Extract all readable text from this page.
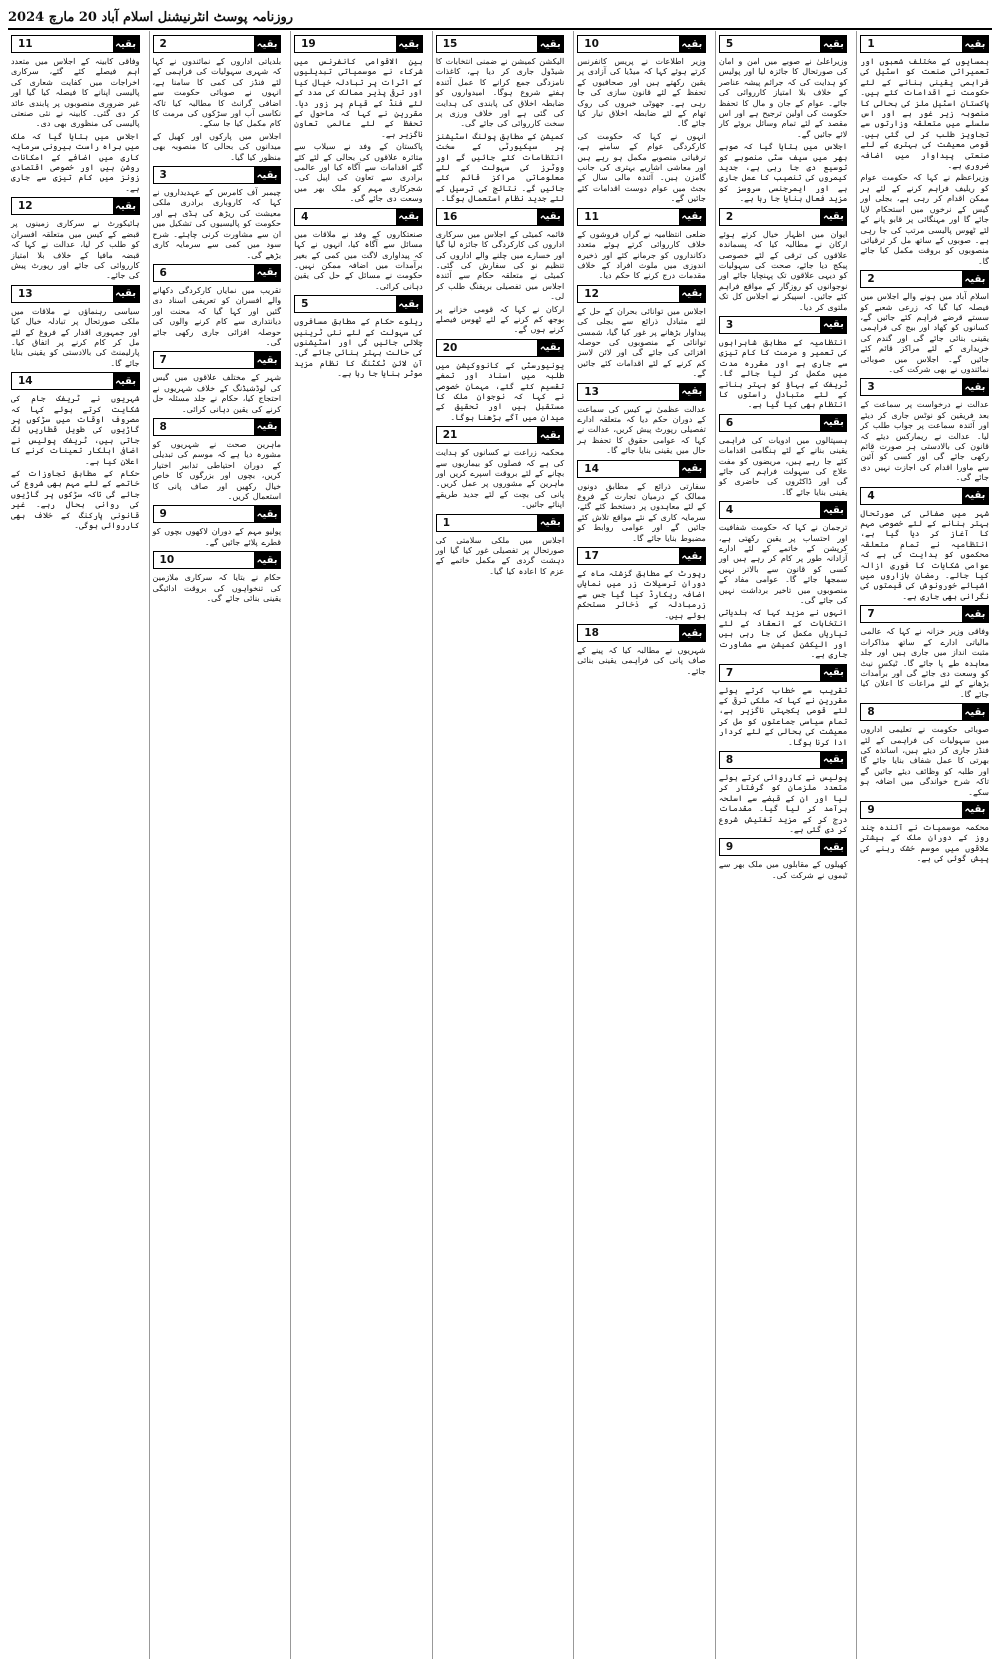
روزنامہ پوسٹ انٹرنیشنل اسلام آباد 20 مارچ 2024
بقیہ
1

ہمسایوں کے مختلف شعبوں اور تعمیراتی صنعت کو اسٹیل کی فراہمی یقینی بنانے کے لئے حکومت نے اقدامات کئے ہیں۔ پاکستان اسٹیل ملز کی بحالی کا منصوبہ زیر غور ہے اور اس سلسلے میں متعلقہ وزارتوں سے تجاویز طلب کر لی گئی ہیں۔ قومی معیشت کی بہتری کے لئے صنعتی پیداوار میں اضافہ ضروری ہے۔

وزیراعظم نے کہا کہ حکومت عوام کو ریلیف فراہم کرنے کے لئے ہر ممکن اقدام کر رہی ہے، بجلی اور گیس کے نرخوں میں استحکام لایا جائے گا اور مہنگائی پر قابو پانے کے لئے ٹھوس پالیسی مرتب کی جا رہی ہے۔ صوبوں کے ساتھ مل کر ترقیاتی منصوبوں کو بروقت مکمل کیا جائے گا۔

بقیہ
2

اسلام آباد میں ہونے والے اجلاس میں فیصلہ کیا گیا کہ زرعی شعبے کو سستے قرضے فراہم کئے جائیں گے، کسانوں کو کھاد اور بیج کی فراہمی یقینی بنائی جائے گی اور گندم کی خریداری کے لئے مراکز قائم کئے جائیں گے۔ اجلاس میں صوبائی نمائندوں نے بھی شرکت کی۔

بقیہ
3

عدالت نے درخواست پر سماعت کے بعد فریقین کو نوٹس جاری کر دیئے اور آئندہ سماعت پر جواب طلب کر لیا۔ عدالت نے ریمارکس دیئے کہ قانون کی بالادستی ہر صورت قائم رکھی جائے گی اور کسی کو آئین سے ماورا اقدام کی اجازت نہیں دی جائے گی۔

بقیہ
4

شہر میں صفائی کی صورتحال بہتر بنانے کے لئے خصوصی مہم کا آغاز کر دیا گیا ہے، انتظامیہ نے تمام متعلقہ محکموں کو ہدایت کی ہے کہ عوامی شکایات کا فوری ازالہ کیا جائے۔ رمضان بازاروں میں اشیائے خورونوش کی قیمتوں کی نگرانی بھی جاری ہے۔

بقیہ
7

وفاقی وزیر خزانہ نے کہا کہ عالمی مالیاتی ادارے کے ساتھ مذاکرات مثبت انداز میں جاری ہیں اور جلد معاہدہ طے پا جائے گا۔ ٹیکس نیٹ کو وسعت دی جائے گی اور برآمدات بڑھانے کے لئے مراعات کا اعلان کیا جائے گا۔

بقیہ
8

صوبائی حکومت نے تعلیمی اداروں میں سہولیات کی فراہمی کے لئے فنڈز جاری کر دیئے ہیں، اساتذہ کی بھرتی کا عمل شفاف بنایا جائے گا اور طلبہ کو وظائف دیئے جائیں گے تاکہ شرح خواندگی میں اضافہ ہو سکے۔

بقیہ
9

محکمہ موسمیات نے آئندہ چند روز کے دوران ملک کے بیشتر علاقوں میں موسم خشک رہنے کی پیش گوئی کی ہے۔

بقیہ
5

وزیراعلیٰ نے صوبے میں امن و امان کی صورتحال کا جائزہ لیا اور پولیس کو ہدایت کی کہ جرائم پیشہ عناصر کے خلاف بلا امتیاز کارروائی کی جائے۔ عوام کے جان و مال کا تحفظ حکومت کی اولین ترجیح ہے اور اس مقصد کے لئے تمام وسائل بروئے کار لائے جائیں گے۔

اجلاس میں بتایا گیا کہ صوبے بھر میں سیف سٹی منصوبے کو توسیع دی جا رہی ہے، جدید کیمروں کی تنصیب کا عمل جاری ہے اور ایمرجنسی سروسز کو مزید فعال بنایا جا رہا ہے۔

بقیہ
2

ایوان میں اظہار خیال کرتے ہوئے ارکان نے مطالبہ کیا کہ پسماندہ علاقوں کی ترقی کے لئے خصوصی پیکج دیا جائے، صحت کی سہولیات کو دیہی علاقوں تک پہنچایا جائے اور نوجوانوں کو روزگار کے مواقع فراہم کئے جائیں۔ اسپیکر نے اجلاس کل تک ملتوی کر دیا۔

بقیہ
3

انتظامیہ کے مطابق شاہراہوں کی تعمیر و مرمت کا کام تیزی سے جاری ہے اور مقررہ مدت میں مکمل کر لیا جائے گا۔ ٹریفک کے بہاؤ کو بہتر بنانے کے لئے متبادل راستوں کا انتظام بھی کیا گیا ہے۔

بقیہ
6

ہسپتالوں میں ادویات کی فراہمی یقینی بنانے کے لئے ہنگامی اقدامات کئے جا رہے ہیں، مریضوں کو مفت علاج کی سہولت فراہم کی جائے گی اور ڈاکٹروں کی حاضری کو یقینی بنایا جائے گا۔

بقیہ
4

ترجمان نے کہا کہ حکومت شفافیت اور احتساب پر یقین رکھتی ہے، کرپشن کے خاتمے کے لئے ادارے آزادانہ طور پر کام کر رہے ہیں اور کسی کو قانون سے بالاتر نہیں سمجھا جائے گا۔ عوامی مفاد کے منصوبوں میں تاخیر برداشت نہیں کی جائے گی۔

انہوں نے مزید کہا کہ بلدیاتی انتخابات کے انعقاد کے لئے تیاریاں مکمل کی جا رہی ہیں اور الیکشن کمیشن سے مشاورت جاری ہے۔

بقیہ
7

تقریب سے خطاب کرتے ہوئے مقررین نے کہا کہ ملکی ترقی کے لئے قومی یکجہتی ناگزیر ہے، تمام سیاسی جماعتوں کو مل کر معیشت کی بحالی کے لئے کردار ادا کرنا ہوگا۔

بقیہ
8

پولیس نے کارروائی کرتے ہوئے متعدد ملزمان کو گرفتار کر لیا اور ان کے قبضے سے اسلحہ برآمد کر لیا گیا۔ مقدمات درج کر کے مزید تفتیش شروع کر دی گئی ہے۔

بقیہ
9

کھیلوں کے مقابلوں میں ملک بھر سے ٹیموں نے شرکت کی۔

بقیہ
10

وزیر اطلاعات نے پریس کانفرنس کرتے ہوئے کہا کہ میڈیا کی آزادی پر یقین رکھتے ہیں اور صحافیوں کے تحفظ کے لئے قانون سازی کی جا رہی ہے۔ جھوٹی خبروں کی روک تھام کے لئے ضابطہ اخلاق تیار کیا جائے گا۔

انہوں نے کہا کہ حکومت کی کارکردگی عوام کے سامنے ہے، ترقیاتی منصوبے مکمل ہو رہے ہیں اور معاشی اشاریے بہتری کی جانب گامزن ہیں۔ آئندہ مالی سال کے بجٹ میں عوام دوست اقدامات کئے جائیں گے۔

بقیہ
11

ضلعی انتظامیہ نے گراں فروشوں کے خلاف کارروائی کرتے ہوئے متعدد دکانداروں کو جرمانے کئے اور ذخیرہ اندوزی میں ملوث افراد کے خلاف مقدمات درج کرنے کا حکم دیا۔

بقیہ
12

اجلاس میں توانائی بحران کے حل کے لئے متبادل ذرائع سے بجلی کی پیداوار بڑھانے پر غور کیا گیا، شمسی توانائی کے منصوبوں کی حوصلہ افزائی کی جائے گی اور لائن لاسز کم کرنے کے لئے اقدامات کئے جائیں گے۔

بقیہ
13

عدالت عظمیٰ نے کیس کی سماعت کے دوران حکم دیا کہ متعلقہ ادارے تفصیلی رپورٹ پیش کریں، عدالت نے کہا کہ عوامی حقوق کا تحفظ ہر حال میں یقینی بنایا جائے گا۔

بقیہ
14

سفارتی ذرائع کے مطابق دونوں ممالک کے درمیان تجارت کے فروغ کے لئے معاہدوں پر دستخط کئے گئے، سرمایہ کاری کے نئے مواقع تلاش کئے جائیں گے اور عوامی روابط کو مضبوط بنایا جائے گا۔

بقیہ
17

رپورٹ کے مطابق گزشتہ ماہ کے دوران ترسیلات زر میں نمایاں اضافہ ریکارڈ کیا گیا جس سے زرمبادلہ کے ذخائر مستحکم ہوئے ہیں۔

بقیہ
18

شہریوں نے مطالبہ کیا کہ پینے کے صاف پانی کی فراہمی یقینی بنائی جائے۔

بقیہ
15

الیکشن کمیشن نے ضمنی انتخابات کا شیڈول جاری کر دیا ہے، کاغذات نامزدگی جمع کرانے کا عمل آئندہ ہفتے شروع ہوگا۔ امیدواروں کو ضابطہ اخلاق کی پابندی کی ہدایت کی گئی ہے اور خلاف ورزی پر سخت کارروائی کی جائے گی۔

کمیشن کے مطابق پولنگ اسٹیشنز پر سیکیورٹی کے سخت انتظامات کئے جائیں گے اور ووٹرز کی سہولت کے لئے معلوماتی مراکز قائم کئے جائیں گے۔ نتائج کی ترسیل کے لئے جدید نظام استعمال ہوگا۔

بقیہ
16

قائمہ کمیٹی کے اجلاس میں سرکاری اداروں کی کارکردگی کا جائزہ لیا گیا اور خسارے میں چلنے والے اداروں کی تنظیم نو کی سفارش کی گئی۔ کمیٹی نے متعلقہ حکام سے آئندہ اجلاس میں تفصیلی بریفنگ طلب کر لی۔

ارکان نے کہا کہ قومی خزانے پر بوجھ کم کرنے کے لئے ٹھوس فیصلے کرنے ہوں گے۔

بقیہ
20

یونیورسٹی کے کانووکیشن میں طلبہ میں اسناد اور تمغے تقسیم کئے گئے، مہمان خصوصی نے کہا کہ نوجوان ملک کا مستقبل ہیں اور تحقیق کے میدان میں آگے بڑھنا ہوگا۔

بقیہ
21

محکمہ زراعت نے کسانوں کو ہدایت کی ہے کہ فصلوں کو بیماریوں سے بچانے کے لئے بروقت اسپرے کریں اور ماہرین کے مشوروں پر عمل کریں۔ پانی کی بچت کے لئے جدید طریقے اپنائے جائیں۔

بقیہ
1

اجلاس میں ملکی سلامتی کی صورتحال پر تفصیلی غور کیا گیا اور دہشت گردی کے مکمل خاتمے کے عزم کا اعادہ کیا گیا۔

بقیہ
19

بین الاقوامی کانفرنس میں شرکاء نے موسمیاتی تبدیلیوں کے اثرات پر تبادلہ خیال کیا اور ترقی پذیر ممالک کی مدد کے لئے فنڈ کے قیام پر زور دیا۔ مقررین نے کہا کہ ماحول کے تحفظ کے لئے عالمی تعاون ناگزیر ہے۔

پاکستان کے وفد نے سیلاب سے متاثرہ علاقوں کی بحالی کے لئے کئے گئے اقدامات سے آگاہ کیا اور عالمی برادری سے تعاون کی اپیل کی۔ شجرکاری مہم کو ملک بھر میں وسعت دی جائے گی۔

بقیہ
4

صنعتکاروں کے وفد نے ملاقات میں مسائل سے آگاہ کیا، انہوں نے کہا کہ پیداواری لاگت میں کمی کے بغیر برآمدات میں اضافہ ممکن نہیں۔ حکومت نے مسائل کے حل کی یقین دہانی کرائی۔

بقیہ
5

ریلوے حکام کے مطابق مسافروں کی سہولت کے لئے نئی ٹرینیں چلائی جائیں گی اور اسٹیشنوں کی حالت بہتر بنائی جائے گی۔ آن لائن ٹکٹنگ کا نظام مزید موثر بنایا جا رہا ہے۔

بقیہ
2

بلدیاتی اداروں کے نمائندوں نے کہا کہ شہری سہولیات کی فراہمی کے لئے فنڈز کی کمی کا سامنا ہے، انہوں نے صوبائی حکومت سے اضافی گرانٹ کا مطالبہ کیا تاکہ نکاسی آب اور سڑکوں کی مرمت کا کام مکمل کیا جا سکے۔

اجلاس میں پارکوں اور کھیل کے میدانوں کی بحالی کا منصوبہ بھی منظور کیا گیا۔

بقیہ
3

چیمبر آف کامرس کے عہدیداروں نے کہا کہ کاروباری برادری ملکی معیشت کی ریڑھ کی ہڈی ہے اور حکومت کو پالیسیوں کی تشکیل میں ان سے مشاورت کرنی چاہئے۔ شرح سود میں کمی سے سرمایہ کاری بڑھے گی۔

بقیہ
6

تقریب میں نمایاں کارکردگی دکھانے والے افسران کو تعریفی اسناد دی گئیں اور کہا گیا کہ محنت اور دیانتداری سے کام کرنے والوں کی حوصلہ افزائی جاری رکھی جائے گی۔

بقیہ
7

شہر کے مختلف علاقوں میں گیس کی لوڈشیڈنگ کے خلاف شہریوں نے احتجاج کیا، حکام نے جلد مسئلہ حل کرنے کی یقین دہانی کرائی۔

بقیہ
8

ماہرین صحت نے شہریوں کو مشورہ دیا ہے کہ موسم کی تبدیلی کے دوران احتیاطی تدابیر اختیار کریں، بچوں اور بزرگوں کا خاص خیال رکھیں اور صاف پانی کا استعمال کریں۔

بقیہ
9

پولیو مہم کے دوران لاکھوں بچوں کو قطرے پلائے جائیں گے۔

بقیہ
10

حکام نے بتایا کہ سرکاری ملازمین کی تنخواہوں کی بروقت ادائیگی یقینی بنائی جائے گی۔

بقیہ
11

وفاقی کابینہ کے اجلاس میں متعدد اہم فیصلے کئے گئے، سرکاری اخراجات میں کفایت شعاری کی پالیسی اپنانے کا فیصلہ کیا گیا اور غیر ضروری منصوبوں پر پابندی عائد کر دی گئی۔ کابینہ نے نئی صنعتی پالیسی کی منظوری بھی دی۔

اجلاس میں بتایا گیا کہ ملک میں براہ راست بیرونی سرمایہ کاری میں اضافے کے امکانات روشن ہیں اور خصوصی اقتصادی زونز میں کام تیزی سے جاری ہے۔

بقیہ
12

ہائیکورٹ نے سرکاری زمینوں پر قبضے کے کیس میں متعلقہ افسران کو طلب کر لیا، عدالت نے کہا کہ قبضہ مافیا کے خلاف بلا امتیاز کارروائی کی جائے اور رپورٹ پیش کی جائے۔

بقیہ
13

سیاسی رہنماؤں نے ملاقات میں ملکی صورتحال پر تبادلہ خیال کیا اور جمہوری اقدار کے فروغ کے لئے مل کر کام کرنے پر اتفاق کیا۔ پارلیمنٹ کی بالادستی کو یقینی بنایا جائے گا۔

بقیہ
14

شہریوں نے ٹریفک جام کی شکایت کرتے ہوئے کہا کہ مصروف اوقات میں سڑکوں پر گاڑیوں کی طویل قطاریں لگ جاتی ہیں، ٹریفک پولیس نے اضافی اہلکار تعینات کرنے کا اعلان کیا ہے۔

حکام کے مطابق تجاوزات کے خاتمے کے لئے مہم بھی شروع کی جائے گی تاکہ سڑکوں پر گاڑیوں کی روانی بحال رہے۔ غیر قانونی پارکنگ کے خلاف بھی کارروائی ہوگی۔
